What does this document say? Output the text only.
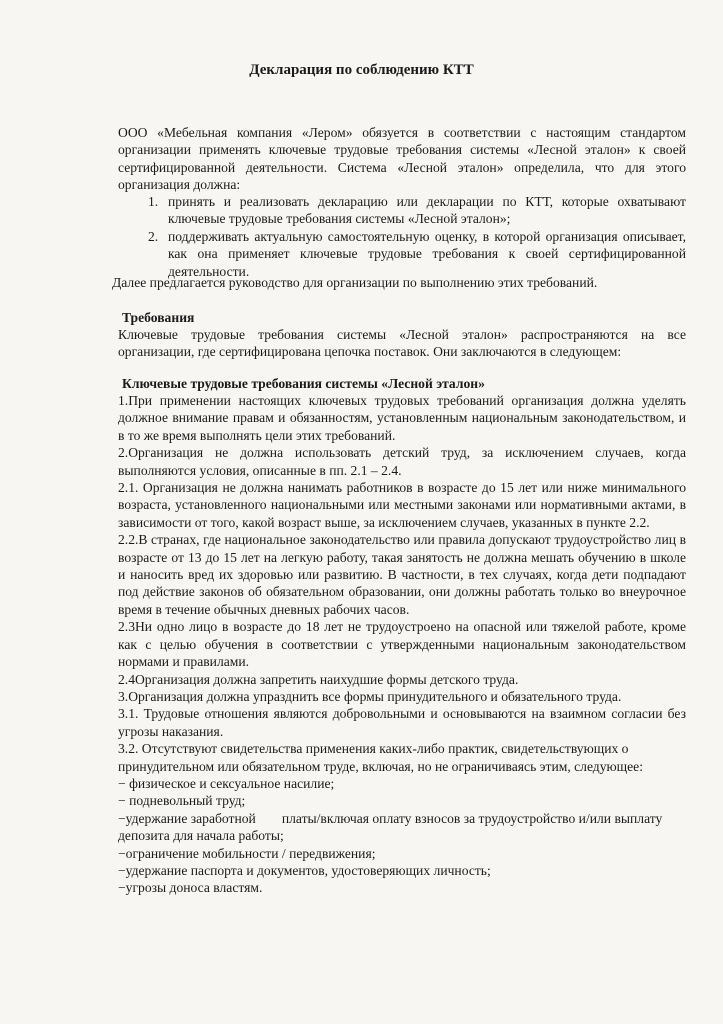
Декларация по соблюдению КТТ
ООО «Мебельная компания «Лером» обязуется в соответствии с настоящим стандартом организации применять ключевые трудовые требования системы «Лесной эталон» к своей сертифицированной деятельности. Система «Лесной эталон» определила, что для этого организация должна:
1. принять и реализовать декларацию или декларации по КТТ, которые охватывают ключевые трудовые требования системы «Лесной эталон»;
2. поддерживать актуальную самостоятельную оценку, в которой организация описывает, как она применяет ключевые трудовые требования к своей сертифицированной деятельности.
Далее предлагается руководство для организации по выполнению этих требований.
Требования
Ключевые трудовые требования системы «Лесной эталон» распространяются на все организации, где сертифицирована цепочка поставок. Они заключаются в следующем:
Ключевые трудовые требования системы «Лесной эталон»

1.При применении настоящих ключевых трудовых требований организация должна уделять должное внимание правам и обязанностям, установленным национальным законодательством, и в то же время выполнять цели этих требований.

2.Организация не должна использовать детский труд, за исключением случаев, когда выполняются условия, описанные в пп. 2.1 – 2.4.

2.1. Организация не должна нанимать работников в возрасте до 15 лет или ниже минимального возраста, установленного национальными или местными законами или нормативными актами, в зависимости от того, какой возраст выше, за исключением случаев, указанных в пункте 2.2.

2.2.В странах, где национальное законодательство или правила допускают трудоустройство лиц в возрасте от 13 до 15 лет на легкую работу, такая занятость не должна мешать обучению в школе и наносить вред их здоровью или развитию. В частности, в тех случаях, когда дети подпадают под действие законов об обязательном образовании, они должны работать только во внеурочное время в течение обычных дневных рабочих часов.

2.3Ни одно лицо в возрасте до 18 лет не трудоустроено на опасной или тяжелой работе, кроме как с целью обучения в соответствии с утвержденными национальным законодательством нормами и правилами.

2.4Организация должна запретить наихудшие формы детского труда.

3.Организация должна упразднить все формы принудительного и обязательного труда.

3.1. Трудовые отношения являются добровольными и основываются на взаимном согласии без угрозы наказания.

3.2. Отсутствуют свидетельства применения каких-либо практик, свидетельствующих о принудительном или обязательном труде, включая, но не ограничиваясь этим, следующее:

− физическое и сексуальное насилие;

− подневольный труд;

−удержание заработной платы/включая оплату взносов за трудоустройство и/или выплату депозита для начала работы;

−ограничение мобильности / передвижения;

−удержание паспорта и документов, удостоверяющих личность;

−угрозы доноса властям.
